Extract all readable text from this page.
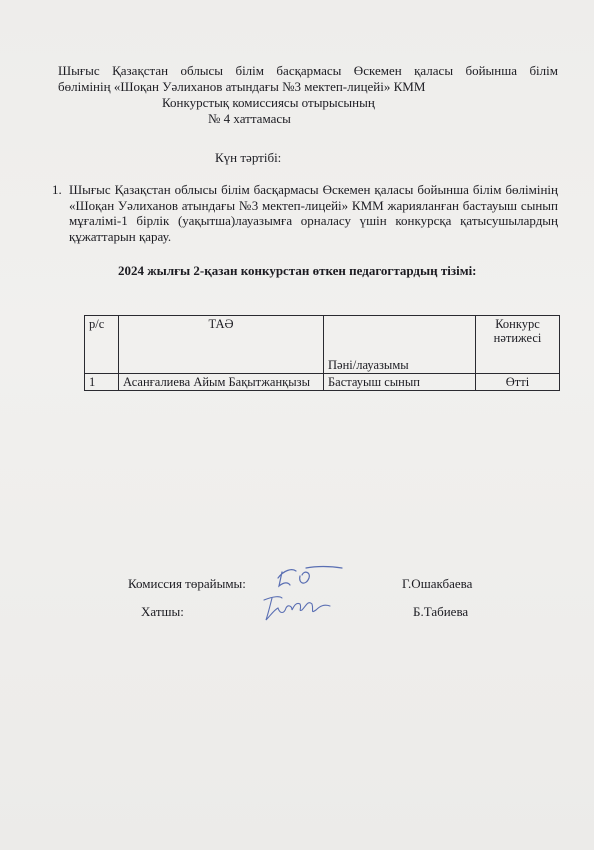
Шығыс Қазақстан облысы білім басқармасы Өскемен қаласы бойынша білім
бөлімінің «Шоқан Уәлиханов атындағы №3 мектеп-лицейі» КММ
Конкурстық комиссиясы отырысының
№ 4 хаттамасы
Күн тәртібі:
1. Шығыс Қазақстан облысы білім басқармасы Өскемен қаласы бойынша білім бөлімінің «Шоқан Уәлиханов атындағы №3 мектеп-лицейі» КММ жарияланған бастауыш сынып мұғалімі-1 бірлік (уақытша)лауазымға орналасу үшін конкурсқа қатысушылардың құжаттарын қарау.
2024 жылғы 2-қазан конкурстан өткен педагогтардың тізімі:
р/с	ТАӘ	Пәні/лауазымы	Конкурс нәтижесі
1	Асанғалиева Айым Бақытжанқызы	Бастауыш сынып	Өтті
Комиссия төрайымы:	Г.Ошакбаева
Хатшы:	Б.Табиева
